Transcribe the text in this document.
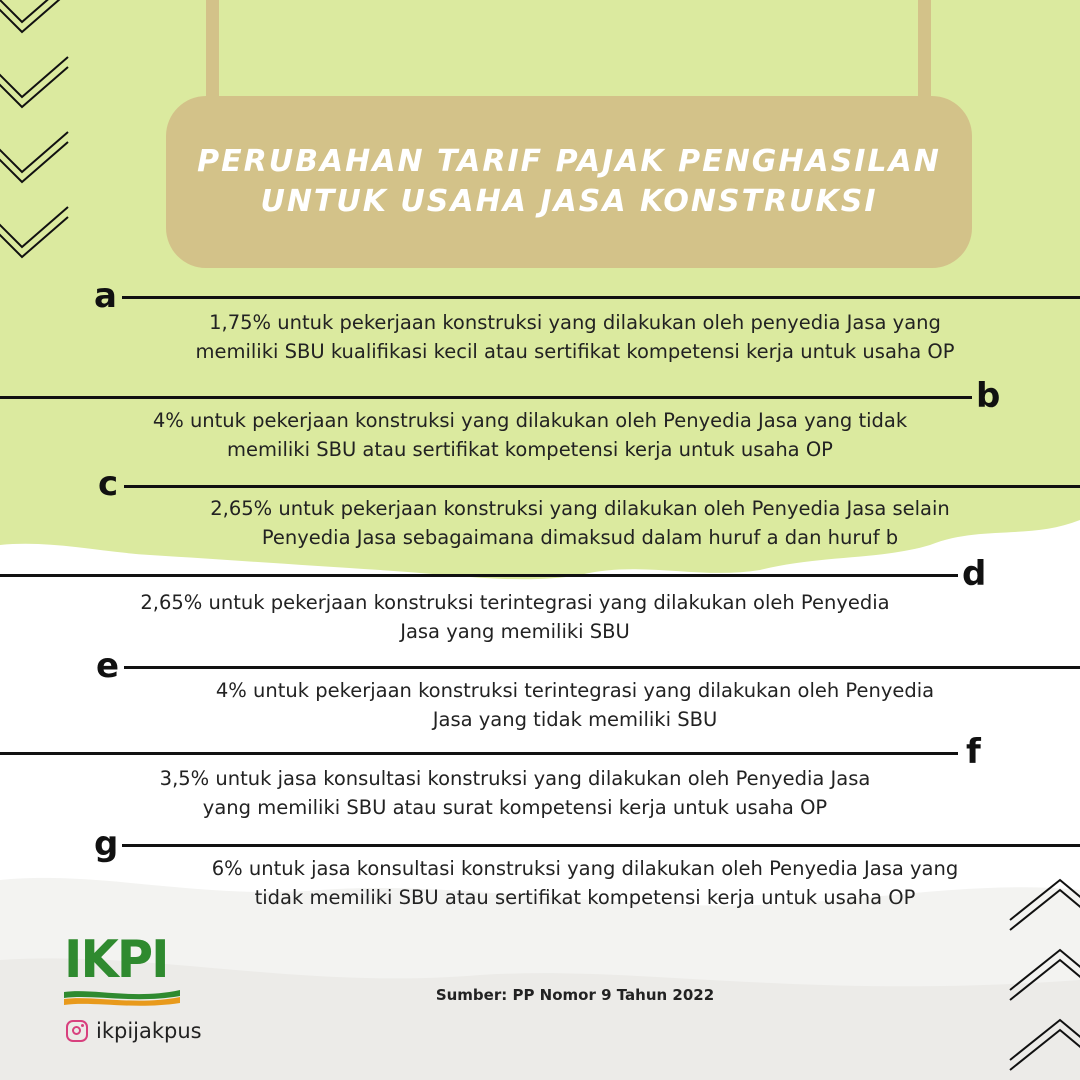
PERUBAHAN TARIF PAJAK PENGHASILAN
UNTUK USAHA JASA KONSTRUKSI
a
1,75% untuk pekerjaan konstruksi yang dilakukan oleh penyedia Jasa yang
memiliki SBU kualifikasi kecil atau sertifikat kompetensi kerja untuk usaha OP
b
4% untuk pekerjaan konstruksi yang dilakukan oleh Penyedia Jasa yang tidak
memiliki SBU atau sertifikat kompetensi kerja untuk usaha OP
c
2,65% untuk pekerjaan konstruksi yang dilakukan oleh Penyedia Jasa selain
Penyedia Jasa sebagaimana dimaksud dalam huruf a dan huruf b
d
2,65% untuk pekerjaan konstruksi terintegrasi yang dilakukan oleh Penyedia
Jasa yang memiliki SBU
e
4% untuk pekerjaan konstruksi terintegrasi yang dilakukan oleh Penyedia
Jasa yang tidak memiliki SBU
f
3,5% untuk jasa konsultasi konstruksi yang dilakukan oleh Penyedia Jasa
yang memiliki SBU atau surat kompetensi kerja untuk usaha OP
g
6% untuk jasa konsultasi konstruksi yang dilakukan oleh Penyedia Jasa yang
tidak memiliki SBU atau sertifikat kompetensi kerja untuk usaha OP
IKPI
ikpijakpus
Sumber: PP Nomor 9 Tahun 2022
